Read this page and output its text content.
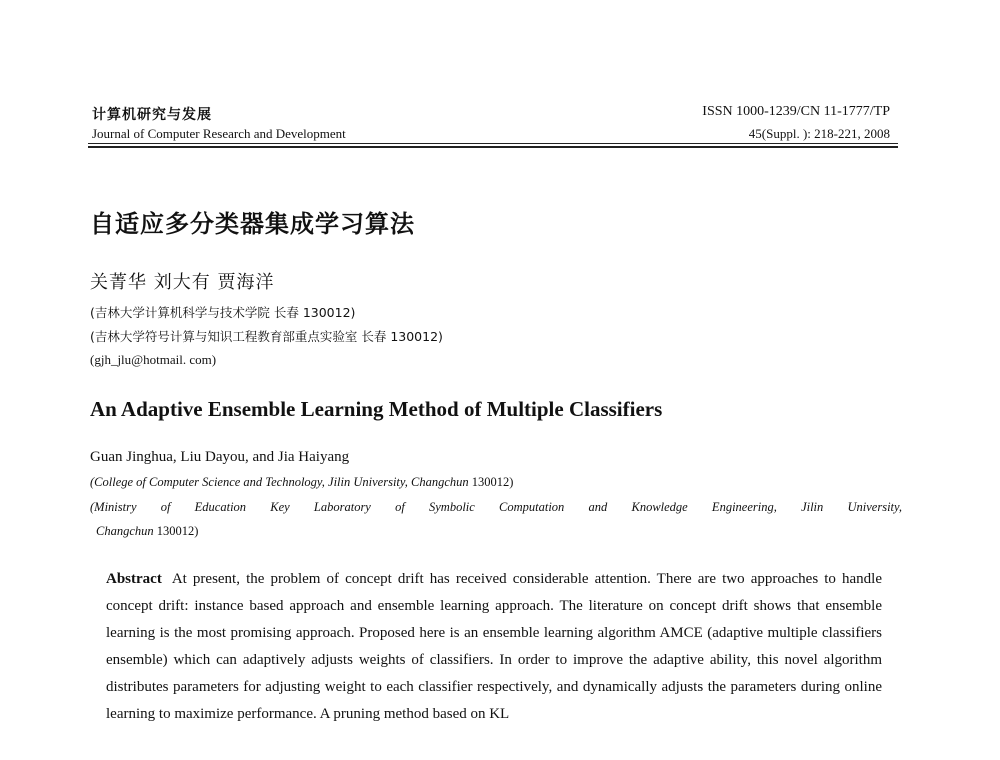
计算机研究与发展
Journal of Computer Research and Development
ISSN 1000-1239/CN 11-1777/TP
45(Suppl. ): 218-221, 2008
自适应多分类器集成学习算法
关菁华 刘大有 贾海洋
(吉林大学计算机科学与技术学院 长春 130012)
(吉林大学符号计算与知识工程教育部重点实验室 长春 130012)
(gjh_jlu@hotmail. com)
An Adaptive Ensemble Learning Method of Multiple Classifiers
Guan Jinghua, Liu Dayou, and Jia Haiyang
(College of Computer Science and Technology, Jilin University, Changchun 130012)
(Ministry of Education Key Laboratory of Symbolic Computation and Knowledge Engineering, Jilin University,
Changchun 130012)
Abstract At present, the problem of concept drift has received considerable attention. There are two approaches to handle concept drift: instance based approach and ensemble learning approach. The literature on concept drift shows that ensemble learning is the most promising approach. Proposed here is an ensemble learning algorithm AMCE (adaptive multiple classifiers ensemble) which can adaptively adjusts weights of classifiers. In order to improve the adaptive ability, this novel algorithm distributes parameters for adjusting weight to each classifier respectively, and dynamically adjusts the parameters during online learning to maximize performance. A pruning method based on KL
